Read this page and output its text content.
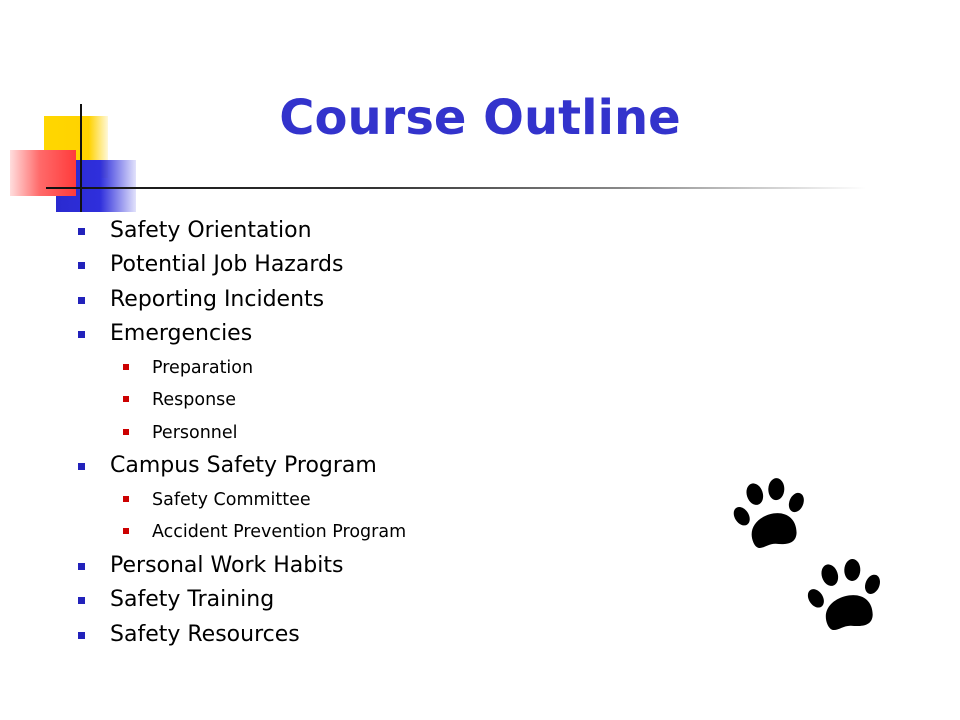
Course Outline
Safety Orientation
Potential Job Hazards
Reporting Incidents
Emergencies
Preparation
Response
Personnel
Campus Safety Program
Safety Committee
Accident Prevention Program
Personal Work Habits
Safety Training
Safety Resources
